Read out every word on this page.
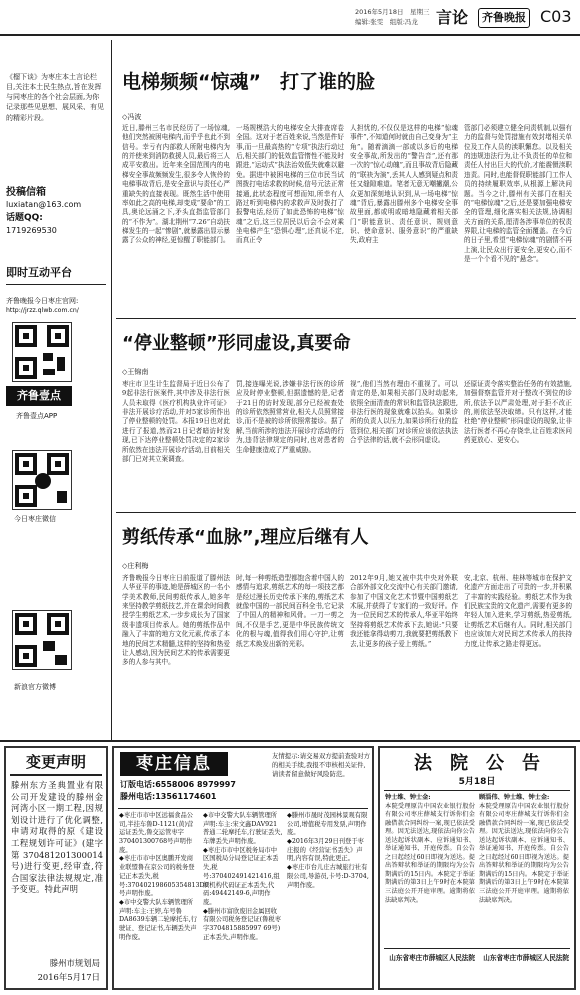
2016年5月18日　星期三
编辑:张雯　组版:冯龙 言论	齐鲁晚报 C03
《榴下谈》为枣庄本土言论栏目,关注本土民生热点,旨在发挥与同枣庄的各个社会层面,为你记录那些见思想、展风采、有见的精彩片段。
投稿信箱
luxiatan@163.com
话题QQ:
1719269530
即时互动平台
齐鲁晚报今日枣庄官网:
http://jrzz.qlwb.com.cn/
齐鲁壹点
齐鲁壹点APP
今日枣庄微信
新浪官方微博
电梯频频“惊魂”　打了谁的脸
◇冯波
近日,滕州三名市民经历了一场惊魂,他们突然被困电梯内,而乎乎也此不到信号。幸亏有内部救人所附电梯内为的并使来到消防救援人员,最后将三人成平安救出。近年来全国范围内的电梯安全事故频频发生,很多令人恢伶的电梯事故背后,是安全意识与责任心严重缺失的直接表现。既然生活中使用率如此之高的电梯,却变成“要命”的工具,奥论远涌之下,矛头直指监管部门的“不作为”。湖北荆州“7.26”自动扶梯发生的一起“惨剧”,就暴露出显示暴露了公众的神经,更惊醒了职能部门。
一场规模浩大的电梯安全大排查席卷全国。这对于老百姓来说,当然是件好事,而一旦最高热的“专项”执法行动过后,相关部门的低效监管惰性不能及时跟进,“运动式”执法治效低失就难以避免。据进中被困电梯的三位市民当试图拨打电话求救的时候,信号元法正常接通,此状态程度可想而知,所幸有人路过听到电梯内的求救声及时拨打了报警电话,经历了如此恐怖的电梯“惊魂”之后,这三位居民以后会不会对乘坐电梯产生“恐惧心理”,还真说不定,而真正令
人担忧的,不仅仅是这样的电梯“惊魂事件”,不知道何时就由自己变身为“主角”。随着滴滴一部或以多后的电梯安全事故,所发出的“警告音”,还有那一次的“惊心动魄”,而且事故背后隐藏的“联袂为演”,丢其人人感到疑点和责任又缝隙难道。笔者无意无嘲撇潮,公众更加深刻地认识到,从一场电梯“惊魂”背后,暴露出滕州多个电梯安全事故里面,都或明或暗地隐藏着相关部门“职能意识、责任意识、规则意识、使命意识、服务意识”的严重缺失,政府主
管部门必须建立健全问责机制,以强有力的监督与处罚措施有效封堵相关单位及工作人员的渎职懈怠。以及相关的违规违法行为,让不负责任的单位和责任人付出巨大的代价,才能震慑渎职违责。同时,也能督促职能部门工作人员的持续履职效率,从根源上解决问题。当今之计,滕州有关部门在相关的“电梯惊魂”之后,还是要加强电梯安全的管理,细化落实相关法规,协调相关方面的关系,厘清各涉事单位的权责界限,让电梯的监管全面覆盖。在今后的日子里,希望“电梯惊魂”的剧情不再上演,让民众出行更安全,更安心,而不是一个个看不见的"悬念"。
“停业整顿”形同虚设,真要命
◇王锦南
枣庄市卫生计生监督局于近日公布了9起非法行医案件,其中涉及非法行医人员未取得《医疗机构执业许可证》非法开展诊疗活动,并对5家诊所作出了停业整顿的处罚。本报19日也对此进行了报道,然而21日记者暗访时发现,已下达停业整顿处罚决定的2家诊所依然在违法开展诊疗活动,目前相关部门已对其立案调查。
罚,接连曝光说,涉嫌非法行医的诊所应及时停业整顿,但据遗憾的是,记者于21日的访时发现,部分已经被查处的诊所依然照常营业,相关人员照常接诊,而不是被的诊所依照常接诊。据了解,当前所涉的违法开展诊疗活动的行为,违背法律规定的同时,也对患者的生命健康造成了严重威胁。
视”,他们当然有理由不重视了。可以肯定的是,如果相关部门及时动起来,依照全面清查的常识和监管执法跟进,非法行医的现象就难以抬头。如果诊所的负责人以压力,如果诊所行业的监管到位,相关部门对诊所应该依法执法合乎法律的话,就不会形同虚设。
还原证责令落实整治任务的有效措施,加强督察监管并对于整改不到位的诊所,依法予以严肃处理,对于拒不改正的,则依法坚决取缔。只有这样,才能杜绝“停业整顿”形同虚设的现象,让非法行医者不再心存侥幸,让百姓求医问药更放心、更安心。
剪纸传承“血脉”,理应后继有人
◇庄利梅
齐鲁晚报今日枣庄日前报道了滕州法人华亚平的事迹,她是薛城区的一名小学美术教师,民间剪纸传承人,她多年来坚持教学剪纸技艺,并在课余时间教授学生剪纸艺术,一步步成长为了国家级非遗项目传承人。她的剪纸作品中融入了丰富的地方文化元素,传承了本地的民间艺术精髓,这样的坚持和热爱让人感动,因为民间艺术的传承需要更多的人参与其中。
时,每一种剪纸造型都饱含着中国人的感情与追求,剪纸艺术的每一项技艺都是经过漫长历史传承下来的,剪纸艺术就像中国的一部民间百科全书,它记录了中国人的精神和风骨。一刀一剪之间,不仅是手艺,更是中华民族传统文化的根与魂,值得我们用心守护,让剪纸艺术焕发出新的光彩。
2012年9月,她又被中共中央对外联合部外部文化交流中心有关部门邀请,参加了中国文化艺术节暨中国剪纸艺术展,并获得了专家们的一致好评。作为一位民间艺术的传承人,华亚平始终坚持将剪纸艺术传承下去,她说:“只要我还能拿得动剪刀,我就要把剪纸教下去,让更多的孩子爱上剪纸。”
安,北京、杭州、桂林等城市在保护文化遗产方面走出了可贵的一步,并积累了丰富的实践经验。剪纸艺术作为我们民族宝贵的文化遗产,需要有更多的年轻人加入进来,学习剪纸,热爱剪纸,让剪纸艺术后继有人。同时,相关部门也应该加大对民间艺术传承人的扶持力度,让传承之路走得更远。
变更声明
滕州东方圣典置业有限公司开发建设的滕州金河湾小区一期工程,因规划设计进行了优化调整,申请对取得的原《建设工程规划许可证》(建字第370481201300014号)进行变更,经审查,符合国家法律法规规定,准予变更。特此声明
滕州市规划局
2016年5月17日
枣庄信息
订版电话:6558006 8979997
滕州电话:13561174601
友情提示:请交易双方提前查验对方的相关手续,我报不审核相关证件,请读者留意做好风险防范。
◆枣庄市市中区远福食品公司,半挂车鲁D-1121(黄)营运证丢失,鲁交运管枣字370401300768号声明作废。
◆枣庄市市中区奥鹏开发商业联盟鲁在京公司的税务登记正本丢失,税号:370402198605354813D0号声明作废。
◆市中交警大队车辆管理所声明:车主:王婷,车号鲁DA8639车辆二轮摩托车,行驶证、登记证书,车辆丢失声明作废。
◆市中交警大队车辆管理所声明:车主:宋文鑫DAV921普通二轮摩托车,行驶证丢失,车牌丢失声明作废。
◆枣庄市市中区税务局市中区国税局分局登记证正本丢失,税号:370402491421416,组织机构代码证正本丢失,代码:49442149-6,声明作废。
◆滕州市富欣废旧金属回收有限公司税务登记证(鲁税枣字3704815885997 69号)正本丢失,声明作废。
◆滕州市晟时茂园林景观有限公司,增值税专用发票,声明作废。
◆2016年3月29日刊登于枣庄报的《经营证书丢失》声明,内容有误,特此更正。
◆枣庄市台儿庄古城旅行社有限公司,导游员,卡号:D-3704,声明作废。
法　院　公　告
5月18日
钟士维、钟士金:
本院受理原告中国农业银行股份有限公司枣庄薛城支行诉你们金融借款合同纠纷一案,现已依法受理。因无法送达,现依法向你公告送达起诉状副本、应诉通知书、举证通知书、开庭传票。自公告之日起经过60日即视为送达。提出答辩状和举证的期限均为公告期满后的15日内。本院定于举证期满后的第3日上午9时在本院第三法庭公开开庭审理。逾期将依法缺席判决。
顾淄伟、钟士维、钟士金:
本院受理原告中国农业银行股份有限公司枣庄薛城支行诉你们金融借款合同纠纷一案,现已依法受理。因无法送达,现依法向你公告送达起诉状副本、应诉通知书、举证通知书、开庭传票。自公告之日起经过60日即视为送达。提出答辩状和举证的期限均为公告期满后的15日内。本院定于举证期满后的第3日上午9时在本院第三法庭公开开庭审理。逾期将依法缺席判决。
山东省枣庄市薛城区人民法院	山东省枣庄市薛城区人民法院
